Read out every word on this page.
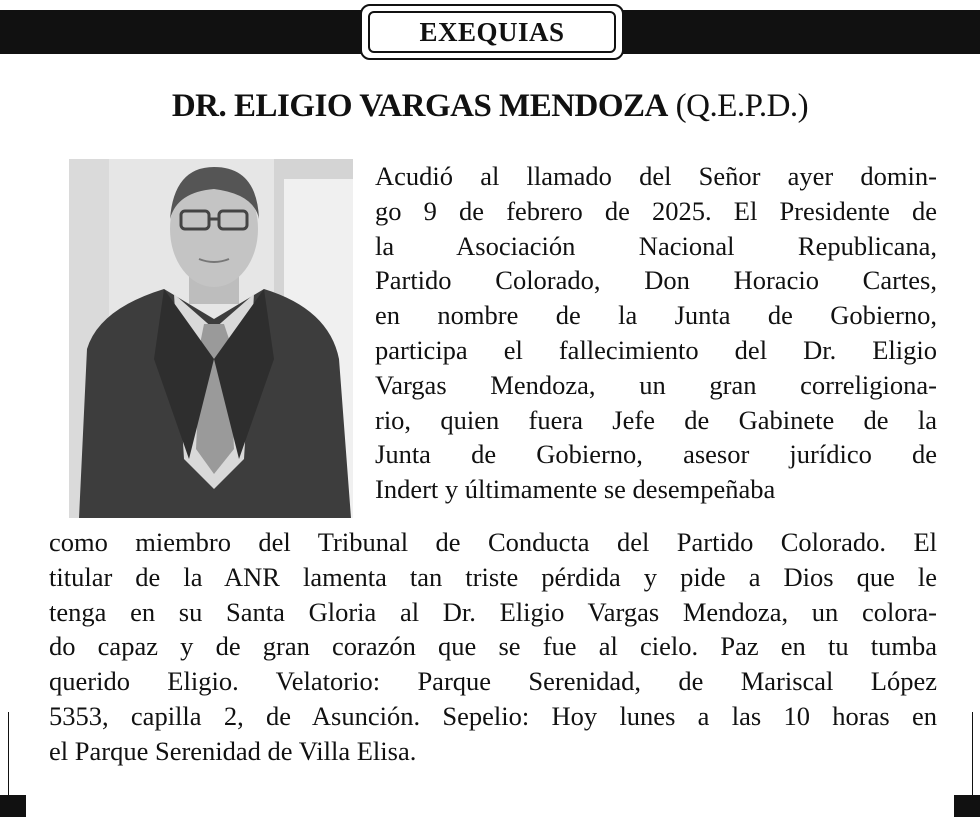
EXEQUIAS
DR. ELIGIO VARGAS MENDOZA (Q.E.P.D.)
Acudió al llamado del Señor ayer domin-
go 9 de febrero de 2025. El Presidente de
la Asociación Nacional Republicana,
Partido Colorado, Don Horacio Cartes,
en nombre de la Junta de Gobierno,
participa el fallecimiento del Dr. Eligio
Vargas Mendoza, un gran correligiona-
rio, quien fuera Jefe de Gabinete de la
Junta de Gobierno, asesor jurídico de
Indert y últimamente se desempeñaba
como miembro del Tribunal de Conducta del Partido Colorado. El
titular de la ANR lamenta tan triste pérdida y pide a Dios que le
tenga en su Santa Gloria al Dr. Eligio Vargas Mendoza, un colora-
do capaz y de gran corazón que se fue al cielo. Paz en tu tumba
querido Eligio. Velatorio: Parque Serenidad, de Mariscal López
5353, capilla 2, de Asunción. Sepelio: Hoy lunes a las 10 horas en
el Parque Serenidad de Villa Elisa.
